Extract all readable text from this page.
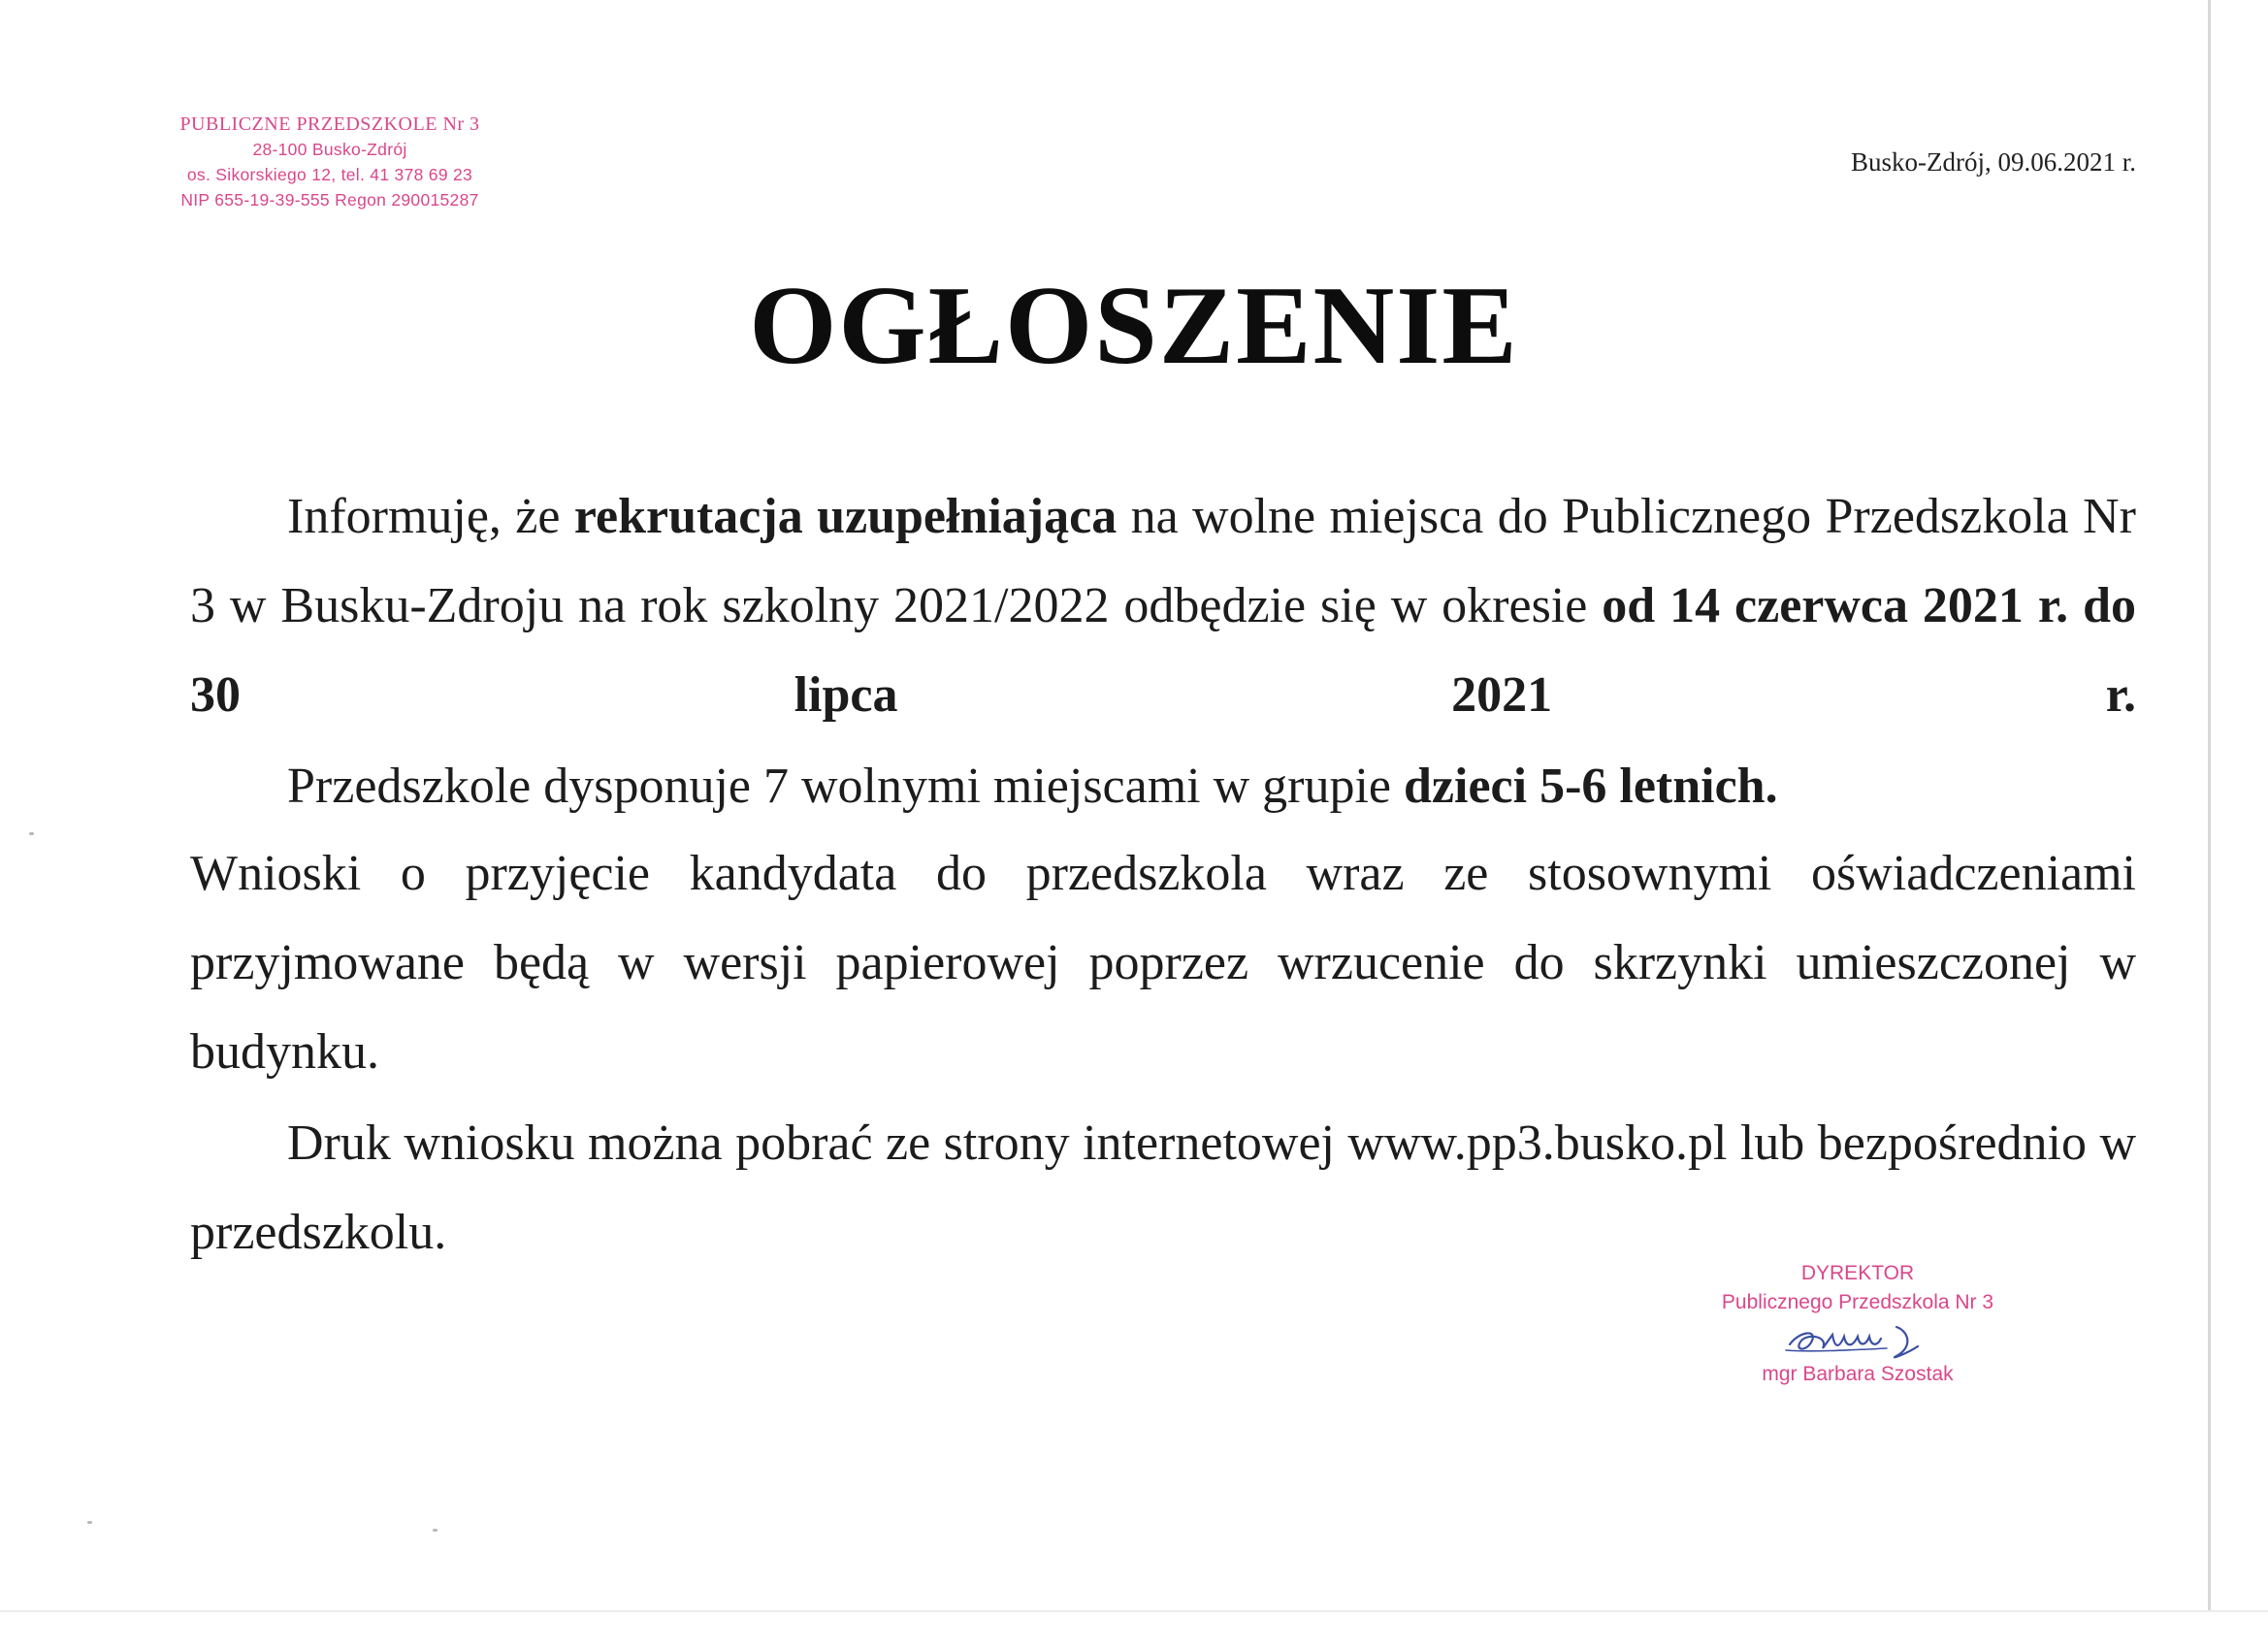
PUBLICZNE PRZEDSZKOLE Nr 3
28-100 Busko-Zdrój
os. Sikorskiego 12, tel. 41 378 69 23
NIP 655-19-39-555 Regon 290015287
Busko-Zdrój, 09.06.2021 r.
OGŁOSZENIE

Informuję, że rekrutacja uzupełniająca na wolne miejsca do Publicznego Przedszkola Nr 3 w Busku-Zdroju na rok szkolny 2021/2022 odbędzie się w okresie od 14 czerwca 2021 r. do 30 lipca 2021 r.

Przedszkole dysponuje 7 wolnymi miejscami w grupie dzieci 5-6 letnich.

Wnioski o przyjęcie kandydata do przedszkola wraz ze stosownymi oświadczeniami przyjmowane będą w wersji papierowej poprzez wrzucenie do skrzynki umieszczonej w budynku.

Druk wniosku można pobrać ze strony internetowej www.pp3.busko.pl lub bezpośrednio w przedszkolu.

DYREKTOR
Publicznego Przedszkola Nr 3
mgr Barbara Szostak
